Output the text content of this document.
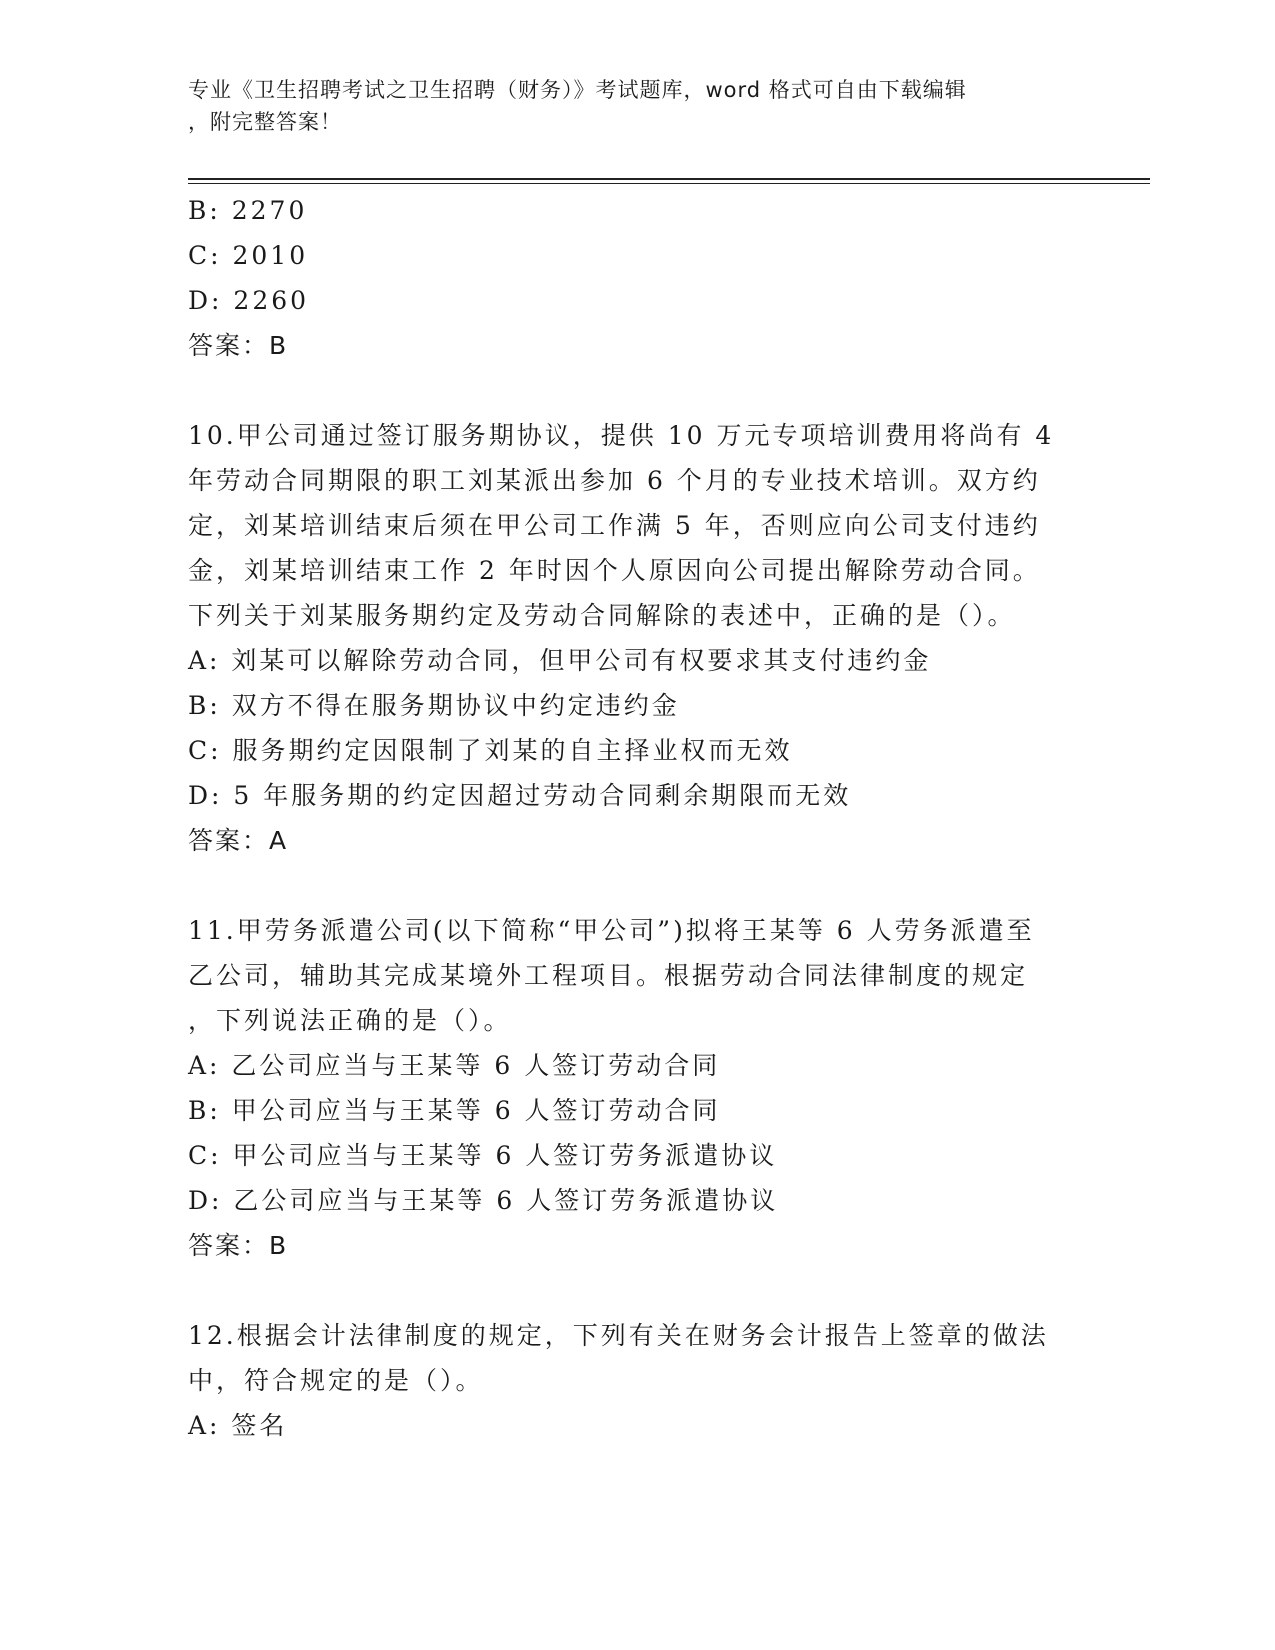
专业《卫生招聘考试之卫生招聘（财务）》考试题库，word 格式可自由下载编辑
，附完整答案！
B: 2270
C: 2010
D: 2260
答案：B
10.甲公司通过签订服务期协议，提供 10 万元专项培训费用将尚有 4
年劳动合同期限的职工刘某派出参加 6 个月的专业技术培训。双方约
定，刘某培训结束后须在甲公司工作满 5 年，否则应向公司支付违约
金，刘某培训结束工作 2 年时因个人原因向公司提出解除劳动合同。
下列关于刘某服务期约定及劳动合同解除的表述中，正确的是（）。
A: 刘某可以解除劳动合同，但甲公司有权要求其支付违约金
B: 双方不得在服务期协议中约定违约金
C: 服务期约定因限制了刘某的自主择业权而无效
D: 5 年服务期的约定因超过劳动合同剩余期限而无效
答案：A
11.甲劳务派遣公司(以下简称“甲公司”)拟将王某等 6 人劳务派遣至
乙公司，辅助其完成某境外工程项目。根据劳动合同法律制度的规定
，下列说法正确的是（）。
A: 乙公司应当与王某等 6 人签订劳动合同
B: 甲公司应当与王某等 6 人签订劳动合同
C: 甲公司应当与王某等 6 人签订劳务派遣协议
D: 乙公司应当与王某等 6 人签订劳务派遣协议
答案：B
12.根据会计法律制度的规定，下列有关在财务会计报告上签章的做法
中，符合规定的是（）。
A: 签名
